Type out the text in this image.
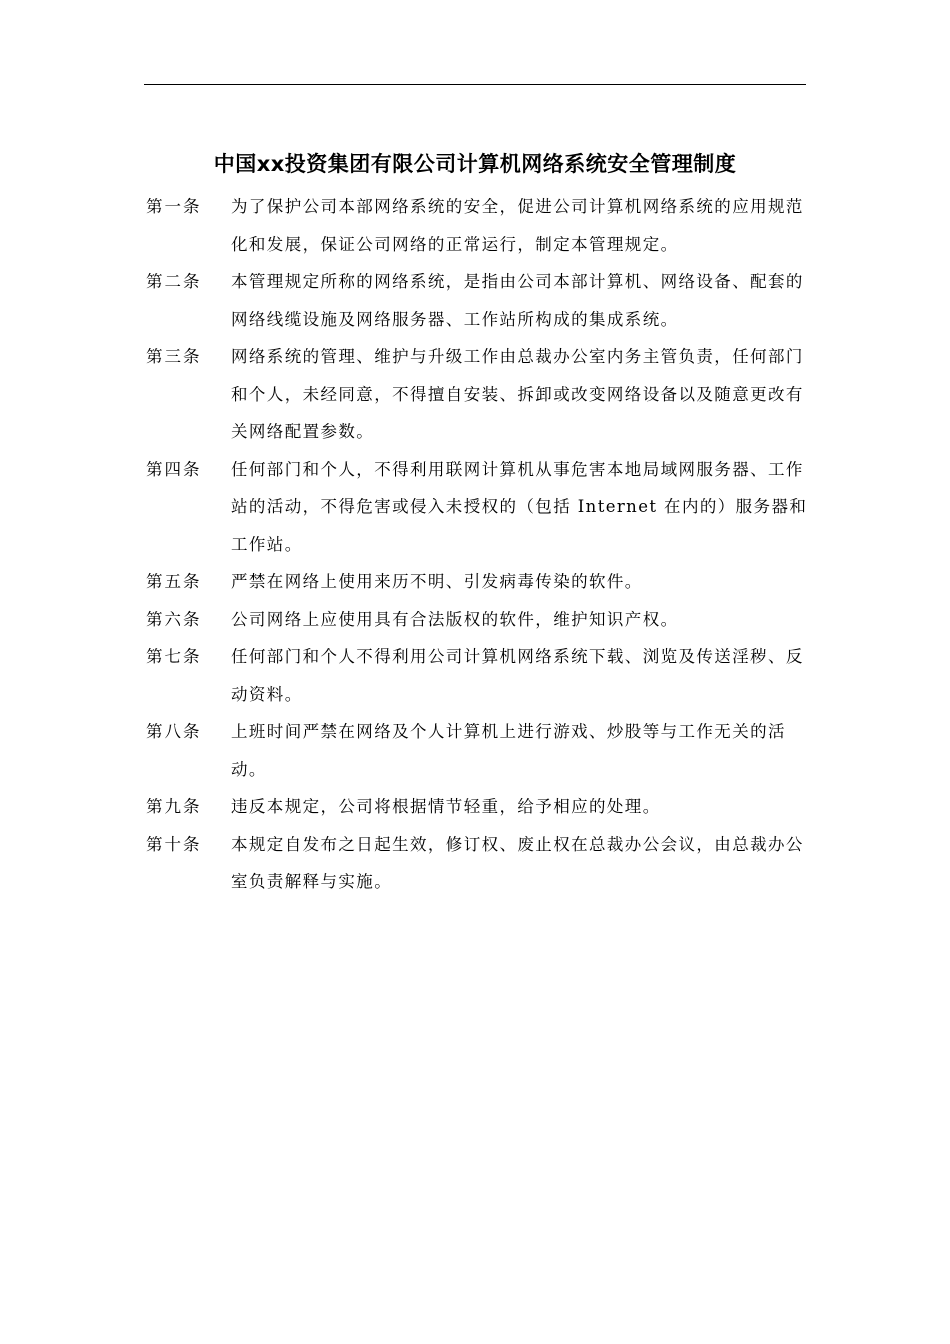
中国xx投资集团有限公司计算机网络系统安全管理制度
第一条	为了保护公司本部网络系统的安全，促进公司计算机网络系统的应用规范化和发展，保证公司网络的正常运行，制定本管理规定。
第二条	本管理规定所称的网络系统，是指由公司本部计算机、网络设备、配套的网络线缆设施及网络服务器、工作站所构成的集成系统。
第三条	网络系统的管理、维护与升级工作由总裁办公室内务主管负责，任何部门和个人，未经同意，不得擅自安装、拆卸或改变网络设备以及随意更改有关网络配置参数。
第四条	任何部门和个人，不得利用联网计算机从事危害本地局域网服务器、工作站的活动，不得危害或侵入未授权的（包括 Internet 在内的）服务器和工作站。
第五条	严禁在网络上使用来历不明、引发病毒传染的软件。
第六条	公司网络上应使用具有合法版权的软件，维护知识产权。
第七条	任何部门和个人不得利用公司计算机网络系统下载、浏览及传送淫秽、反动资料。
第八条	上班时间严禁在网络及个人计算机上进行游戏、炒股等与工作无关的活动。
第九条	违反本规定，公司将根据情节轻重，给予相应的处理。
第十条	本规定自发布之日起生效，修订权、废止权在总裁办公会议，由总裁办公室负责解释与实施。
